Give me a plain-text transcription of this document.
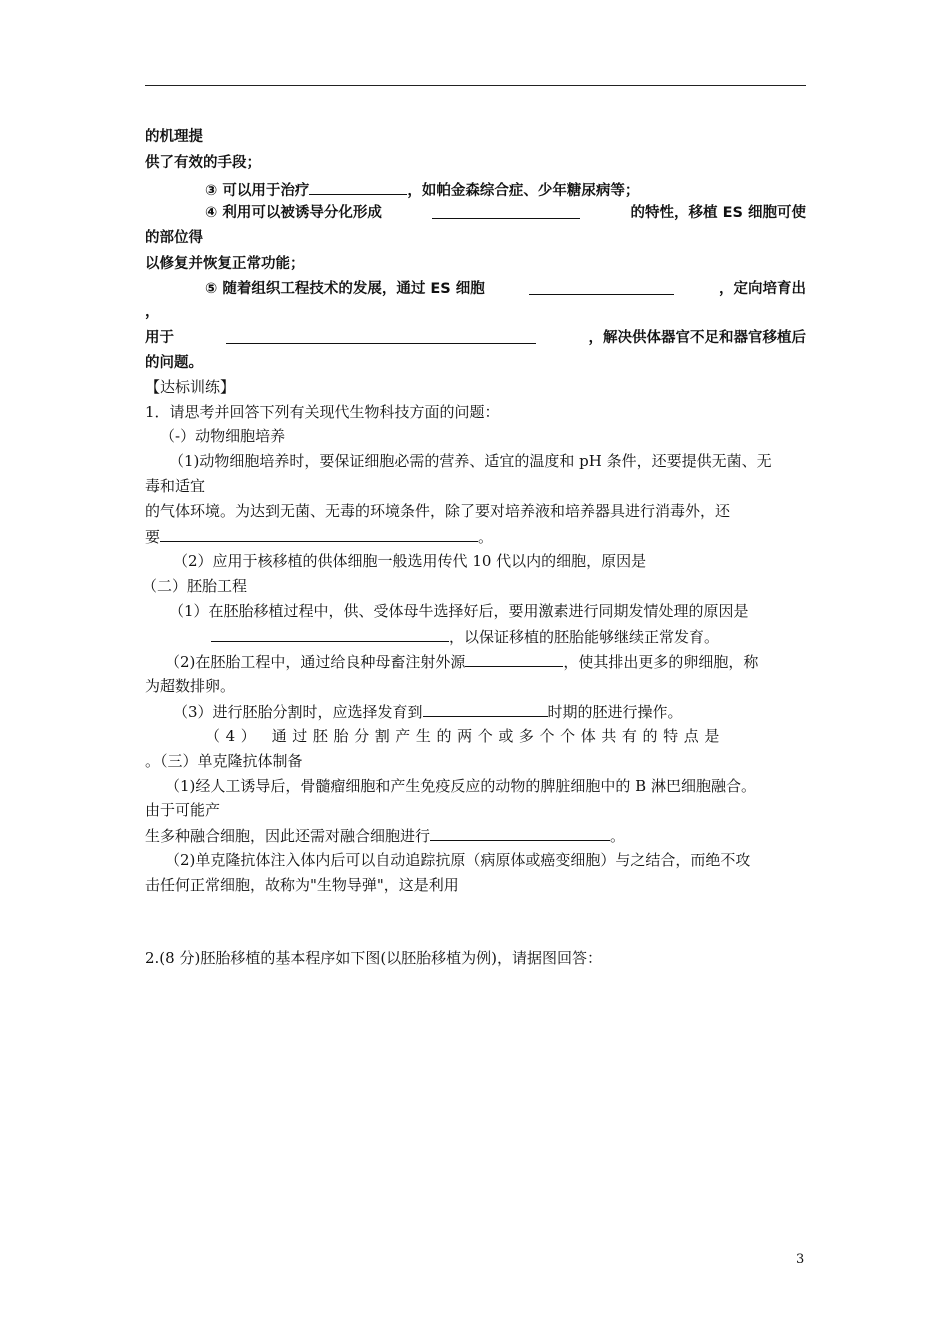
的机理提
供了有效的手段；
③ 可以用于治疗	，如帕金森综合症、少年糖尿病等；
④ 利用可以被诱导分化形成	的特性，移植 ES 细胞可使
的部位得
以修复并恢复正常功能；
⑤ 随着组织工程技术的发展，通过 ES 细胞	，定向培育出
，
用于	，解决供体器官不足和器官移植后
的问题。
【达标训练】
1．请思考并回答下列有关现代生物科技方面的问题：
（-）动物细胞培养
（1)动物细胞培养时，要保证细胞必需的营养、适宜的温度和 pH 条件，还要提供无菌、无
毒和适宜
的气体环境。为达到无菌、无毒的环境条件，除了要对培养液和培养器具进行消毒外，还
要	。
（2）应用于核移植的供体细胞一般选用传代 10 代以内的细胞，原因是
（二）胚胎工程
（1）在胚胎移植过程中，供、受体母牛选择好后，要用激素进行同期发情处理的原因是
，以保证移植的胚胎能够继续正常发育。
（2)在胚胎工程中，通过给良种母畜注射外源	，使其排出更多的卵细胞，称
为超数排卵。
（3）进行胚胎分割时，应选择发育到	时期的胚进行操作。
（4） 通过胚胎分割产生的两个或多个个体共有的特点是
。（三）单克隆抗体制备
（1)经人工诱导后，骨髓瘤细胞和产生免疫反应的动物的脾脏细胞中的 B 淋巴细胞融合。
由于可能产
生多种融合细胞，因此还需对融合细胞进行	。
（2)单克隆抗体注入体内后可以自动追踪抗原（病原体或癌变细胞）与之结合，而绝不攻
击任何正常细胞，故称为"生物导弹"，这是利用
2.(8 分)胚胎移植的基本程序如下图(以胚胎移植为例)，请据图回答：
3
